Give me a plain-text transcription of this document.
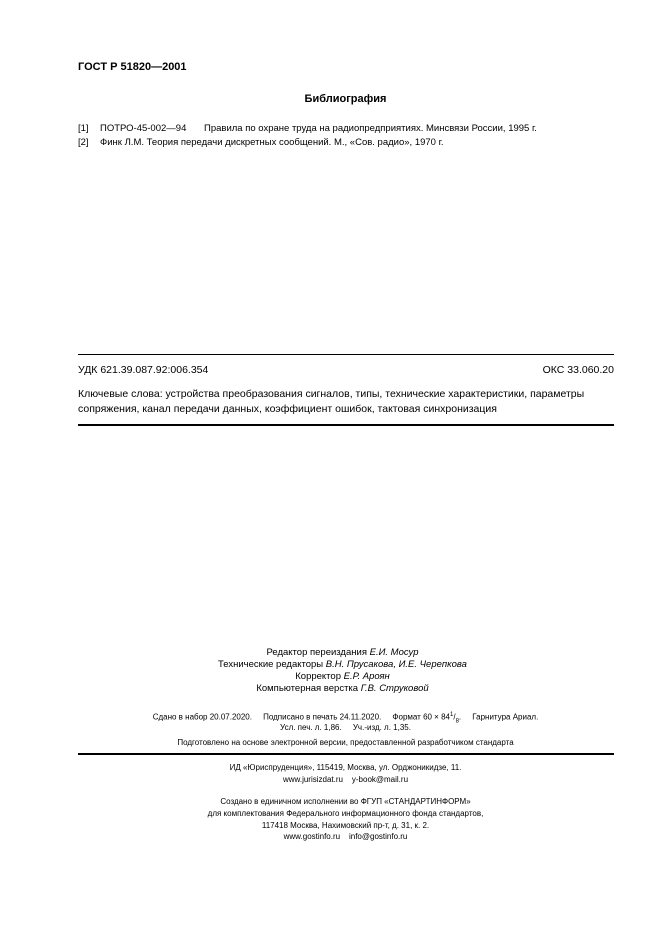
ГОСТ Р 51820—2001
Библиография
[1] ПОТРО-45-002—94 Правила по охране труда на радиопредприятиях. Минсвязи России, 1995 г.
[2] Финк Л.М. Теория передачи дискретных сообщений. М., «Сов. радио», 1970 г.
УДК 621.39.087.92:006.354	ОКС 33.060.20
Ключевые слова: устройства преобразования сигналов, типы, технические характеристики, параметры сопряжения, канал передачи данных, коэффициент ошибок, тактовая синхронизация
Редактор переиздания Е.И. Мосур
Технические редакторы В.Н. Прусакова, И.Е. Черепкова
Корректор Е.Р. Ароян
Компьютерная верстка Г.В. Струковой
Сдано в набор 20.07.2020. Подписано в печать 24.11.2020. Формат $60 \times 84^1/_8$.     Гарнитура Ариал.
Усл. печ. л. 1,86. Уч.-изд. л. 1,35.
Подготовлено на основе электронной версии, предоставленной разработчиком стандарта
ИД «Юриспруденция», 115419, Москва, ул. Орджоникидзе, 11.
www.jurisizdat.ru y-book@mail.ru
Создано в единичном исполнении во ФГУП «СТАНДАРТИНФОРМ»
для комплектования Федерального информационного фонда стандартов,
117418 Москва, Нахимовский пр-т, д. 31, к. 2.
www.gostinfo.ru info@gostinfo.ru
